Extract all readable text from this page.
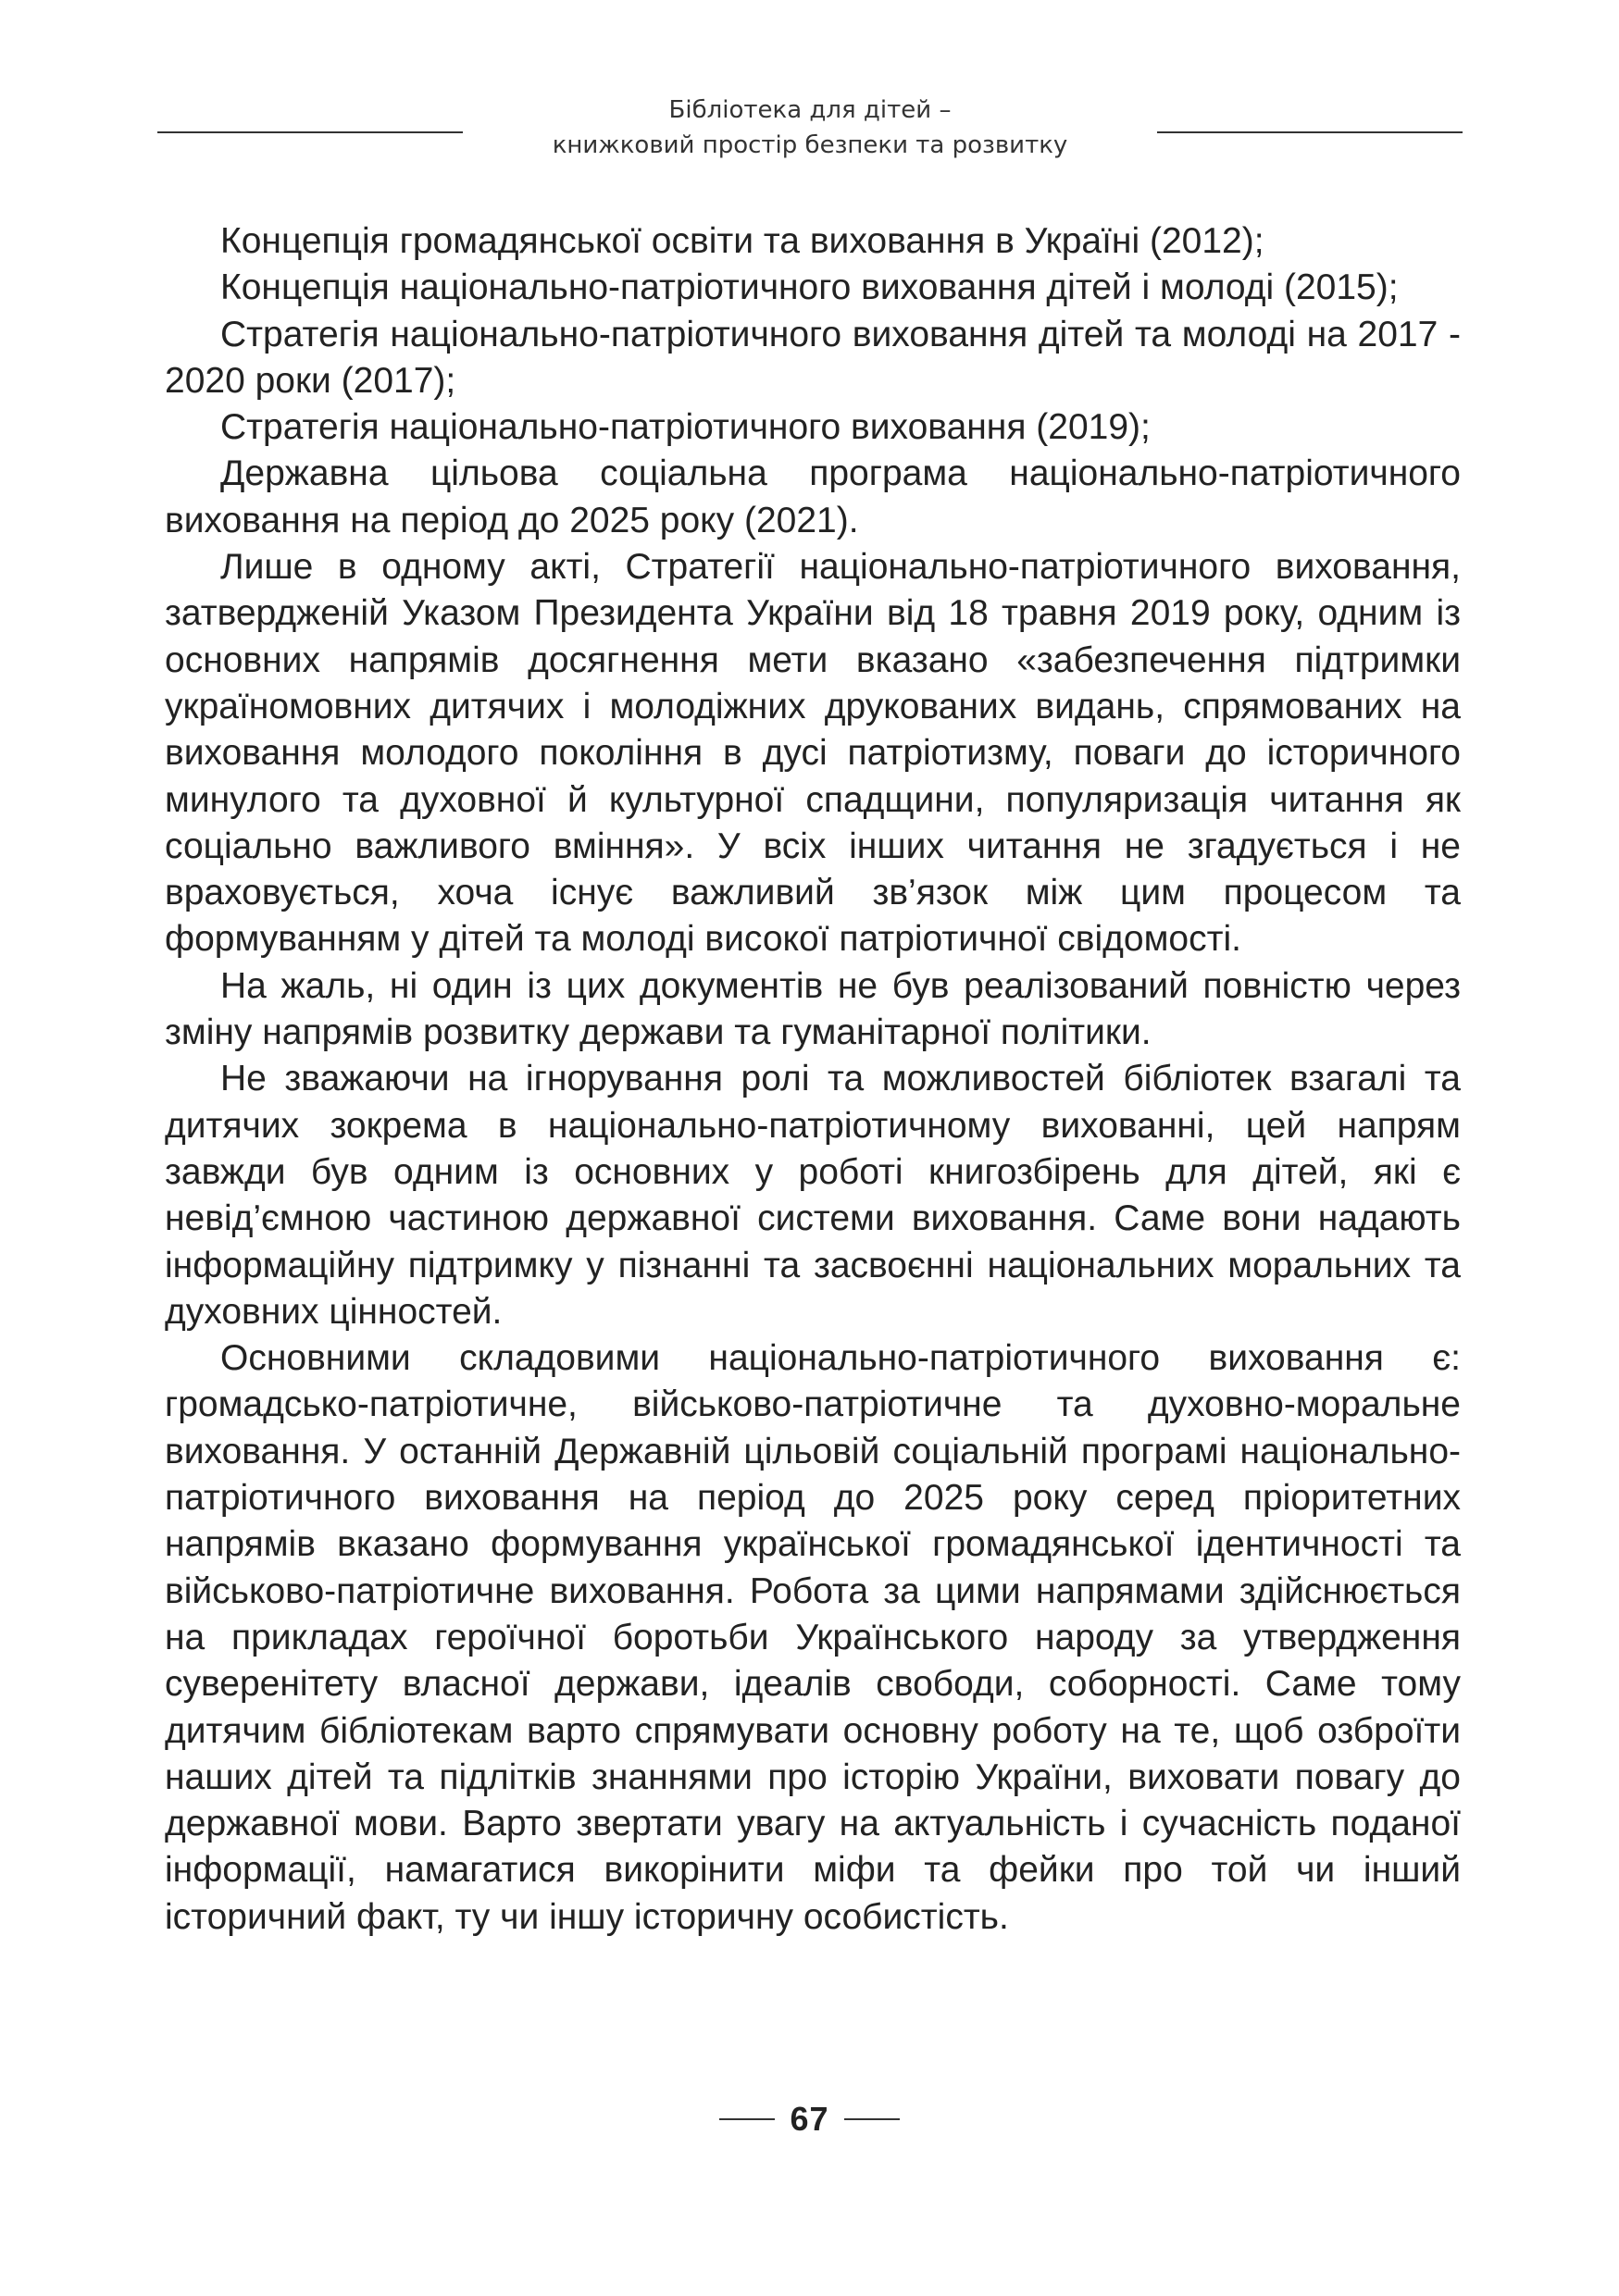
Бібліотека для дітей –
книжковий простір безпеки та розвитку

Концепція громадянської освіти та виховання в Україні (2012);

Концепція національно-патріотичного виховання дітей і молоді (2015);

Стратегія національно-патріотичного виховання дітей та молоді на 2017 - 2020 роки (2017);

Стратегія національно-патріотичного виховання (2019);

Державна цільова соціальна програма національно-патріотичного виховання на період до 2025 року (2021).

Лише в одному акті, Стратегії національно-патріотичного виховання, затвердженій Указом Президента України від 18 травня 2019 року, одним із основних напрямів досягнення мети вказано «забезпечення підтримки україномовних дитячих і молодіжних друкованих видань, спрямованих на виховання молодого покоління в дусі патріотизму, поваги до історичного минулого та духовної й культурної спадщини, популяризація читання як соціально важливого вміння». У всіх інших читання не згадується і не враховується, хоча існує важливий зв’язок між цим процесом та формуванням у дітей та молоді високої патріотичної свідомості.

На жаль, ні один із цих документів не був реалізований повністю через зміну напрямів розвитку держави та гуманітарної політики.

Не зважаючи на ігнорування ролі та можливостей бібліотек взагалі та дитячих зокрема в національно-патріотичному вихованні, цей напрям завжди був одним із основних у роботі книгозбірень для дітей, які є невід’ємною частиною державної системи виховання. Саме вони надають інформаційну підтримку у пізнанні та засвоєнні національних моральних та духовних цінностей.

Основними складовими національно-патріотичного виховання є: громадсько-патріотичне, військово-патріотичне та духовно-моральне виховання. У останній Державній цільовій соціальній програмі національно-патріотичного виховання на період до 2025 року серед пріоритетних напрямів вказано формування української громадянської ідентичності та військово-патріотичне виховання. Робота за цими напрямами здійснюється на прикладах героїчної боротьби Українського народу за утвердження суверенітету власної держави, ідеалів свободи, соборності. Саме тому дитячим бібліотекам варто спрямувати основну роботу на те, щоб озброїти наших дітей та підлітків знаннями про історію України, виховати повагу до державної мови. Варто звертати увагу на актуальність і сучасність поданої інформації, намагатися викорінити міфи та фейки про той чи інший історичний факт, ту чи іншу історичну особистість.

67
